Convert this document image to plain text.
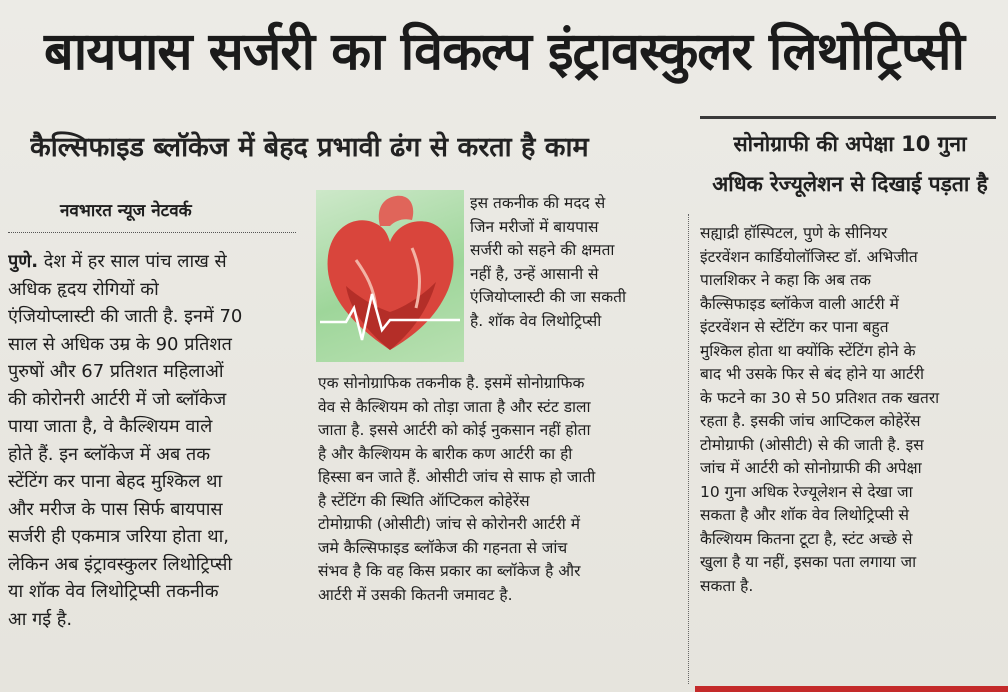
बायपास सर्जरी का विकल्प इंट्रावस्कुलर लिथोट्रिप्सी
कैल्सिफाइड ब्लॉकेज में बेहद प्रभावी ढंग से करता है काम	सोनोग्राफी की अपेक्षा 10 गुना
अधिक रेज्यूलेशन से दिखाई पड़ता है
नवभारत न्यूज नेटवर्क
पुणे. देश में हर साल पांच लाख से
अधिक हृदय रोगियों को
एंजियोप्लास्टी की जाती है. इनमें 70
साल से अधिक उम्र के 90 प्रतिशत
पुरुषों और 67 प्रतिशत महिलाओं
की कोरोनरी आर्टरी में जो ब्लॉकेज
पाया जाता है, वे कैल्शियम वाले
होते हैं. इन ब्लॉकेज में अब तक
स्टेंटिंग कर पाना बेहद मुश्किल था
और मरीज के पास सिर्फ बायपास
सर्जरी ही एकमात्र जरिया होता था,
लेकिन अब इंट्रावस्कुलर लिथोट्रिप्सी
या शॉक वेव लिथोट्रिप्सी तकनीक
आ गई है.
इस तकनीक की मदद से
जिन मरीजों में बायपास
सर्जरी को सहने की क्षमता
नहीं है, उन्हें आसानी से
एंजियोप्लास्टी की जा सकती
है. शॉक वेव लिथोट्रिप्सी
एक सोनोग्राफिक तकनीक है. इसमें सोनोग्राफिक
वेव से कैल्शियम को तोड़ा जाता है और स्टंट डाला
जाता है. इससे आर्टरी को कोई नुकसान नहीं होता
है और कैल्शियम के बारीक कण आर्टरी का ही
हिस्सा बन जाते हैं. ओसीटी जांच से साफ हो जाती
है स्टेंटिंग की स्थिति ऑप्टिकल कोहेरेंस
टोमोग्राफी (ओसीटी) जांच से कोरोनरी आर्टरी में
जमे कैल्सिफाइड ब्लॉकेज की गहनता से जांच
संभव है कि वह किस प्रकार का ब्लॉकेज है और
आर्टरी में उसकी कितनी जमावट है.
सह्याद्री हॉस्पिटल, पुणे के सीनियर
इंटरवेंशन कार्डियोलॉजिस्ट डॉ. अभिजीत
पालशिकर ने कहा कि अब तक
कैल्सिफाइड ब्लॉकेज वाली आर्टरी में
इंटरवेंशन से स्टेंटिंग कर पाना बहुत
मुश्किल होता था क्योंकि स्टेंटिंग होने के
बाद भी उसके फिर से बंद होने या आर्टरी
के फटने का 30 से 50 प्रतिशत तक खतरा
रहता है. इसकी जांच आप्टिकल कोहेरेंस
टोमोग्राफी (ओसीटी) से की जाती है. इस
जांच में आर्टरी को सोनोग्राफी की अपेक्षा
10 गुना अधिक रेज्यूलेशन से देखा जा
सकता है और शॉक वेव लिथोट्रिप्सी से
कैल्शियम कितना टूटा है, स्टंट अच्छे से
खुला है या नहीं, इसका पता लगाया जा
सकता है.
